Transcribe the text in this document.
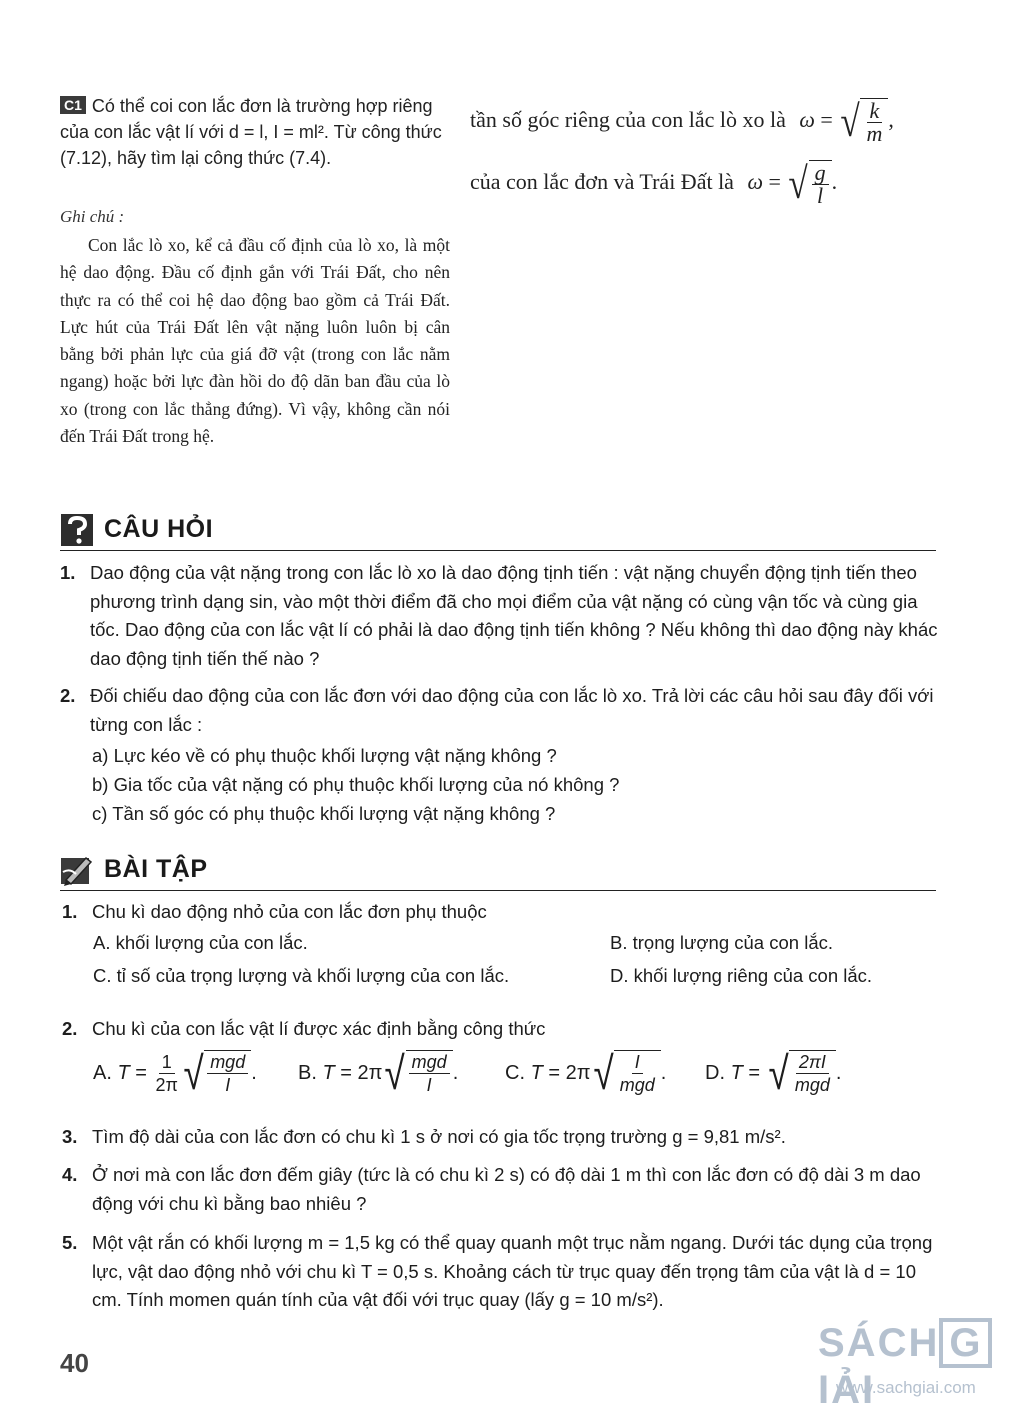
C1 Có thể coi con lắc đơn là trường hợp riêng của con lắc vật lí với d = l, I = ml². Từ công thức (7.12), hãy tìm lại công thức (7.4).
Ghi chú :

Con lắc lò xo, kể cả đầu cố định của lò xo, là một hệ dao động. Đầu cố định gắn với Trái Đất, cho nên thực ra có thể coi hệ dao động bao gồm cả Trái Đất. Lực hút của Trái Đất lên vật nặng luôn luôn bị cân bằng bởi phản lực của giá đỡ vật (trong con lắc nằm ngang) hoặc bởi lực đàn hồi do độ dãn ban đầu của lò xo (trong con lắc thẳng đứng). Vì vậy, không cần nói đến Trái Đất trong hệ.

tần số góc riêng của con lắc lò xo là ω = √ $\frac{k}{m}$ ,
của con lắc đơn và Trái Đất là ω = √ $\frac{g}{l}$ .
CÂU HỎI
1. Dao động của vật nặng trong con lắc lò xo là dao động tịnh tiến : vật nặng chuyển động tịnh tiến theo phương trình dạng sin, vào một thời điểm đã cho mọi điểm của vật nặng có cùng vận tốc và cùng gia tốc. Dao động của con lắc vật lí có phải là dao động tịnh tiến không ? Nếu không thì dao động này khác dao động tịnh tiến thế nào ?
2. Đối chiếu dao động của con lắc đơn với dao động của con lắc lò xo. Trả lời các câu hỏi sau đây đối với từng con lắc :
a) Lực kéo về có phụ thuộc khối lượng vật nặng không ?
b) Gia tốc của vật nặng có phụ thuộc khối lượng của nó không ?
c) Tần số góc có phụ thuộc khối lượng vật nặng không ?
BÀI TẬP
1. Chu kì dao động nhỏ của con lắc đơn phụ thuộc
A. khối lượng của con lắc.	B. trọng lượng của con lắc.
C. tỉ số của trọng lượng và khối lượng của con lắc.	D. khối lượng riêng của con lắc.
2. Chu kì của con lắc vật lí được xác định bằng công thức
A.
T
=
$\frac{1}{2\pi}$ √ $\frac{\text{mgd}}{I}$ . B.
T
=
2π √ $\frac{\text{mgd}}{I}$ . C.
T
=
2π √ $\frac{I}{\text{mgd}}$ . D.
T
=
√ $\frac{2\pi I}{\text{mgd}}$ .
3. Tìm độ dài của con lắc đơn có chu kì 1 s ở nơi có gia tốc trọng trường g = 9,81 m/s².
4. Ở nơi mà con lắc đơn đếm giây (tức là có chu kì 2 s) có độ dài 1 m thì con lắc đơn có độ dài 3 m dao động với chu kì bằng bao nhiêu ?
5. Một vật rắn có khối lượng m = 1,5 kg có thể quay quanh một trục nằm ngang. Dưới tác dụng của trọng lực, vật dao động nhỏ với chu kì T = 0,5 s. Khoảng cách từ trục quay đến trọng tâm của vật là d = 10 cm. Tính momen quán tính của vật đối với trục quay (lấy g = 10 m/s²).
40	SÁCH GIẢI
www.sachgiai.com
